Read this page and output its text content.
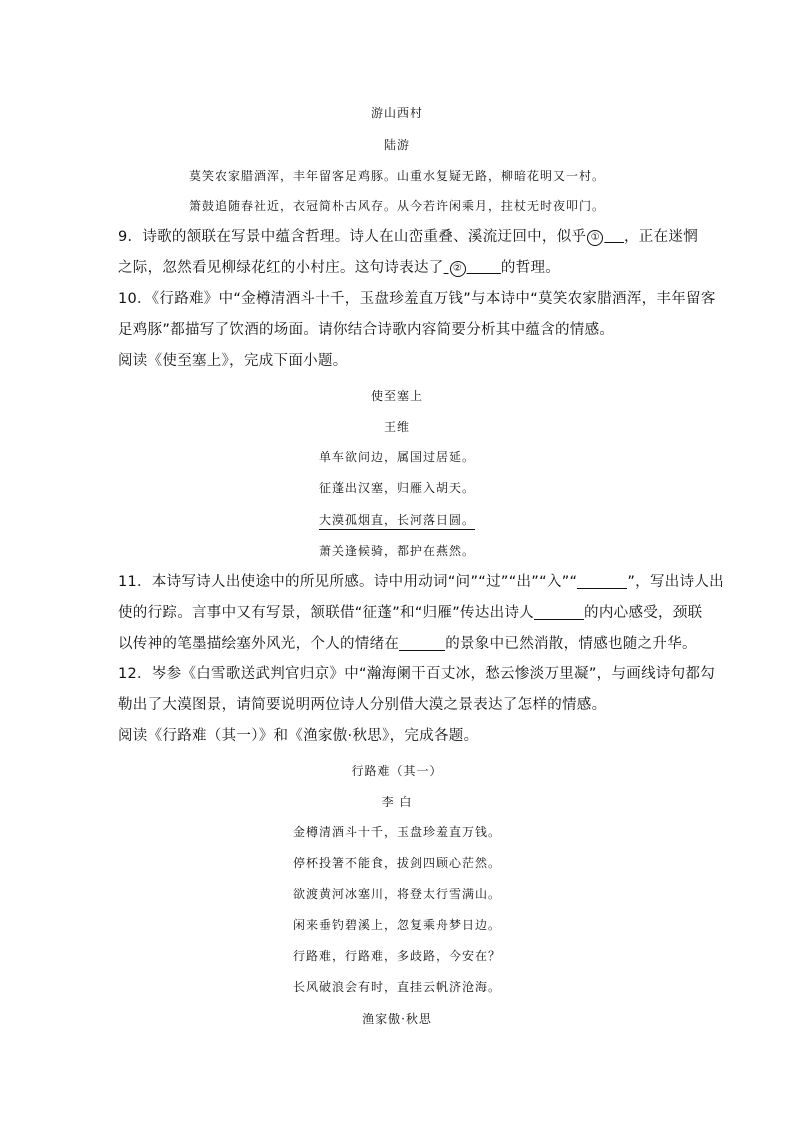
游山西村
陆游
莫笑农家腊酒浑，丰年留客足鸡豚。山重水复疑无路，柳暗花明又一村。
箫鼓追随春社近，衣冠简朴古风存。从今若许闲乘月，拄杖无时夜叩门。
9．诗歌的颔联在写景中蕴含哲理。诗人在山峦重叠、溪流迂回中，似乎 ① ，正在迷惘
之际，忽然看见柳绿花红的小村庄。这句诗表达了 ②	的哲理。
10．《行路难》中“金樽清酒斗十千，玉盘珍羞直万钱”与本诗中“莫笑农家腊酒浑，丰年留客
足鸡豚”都描写了饮酒的场面。请你结合诗歌内容简要分析其中蕴含的情感。
阅读《使至塞上》，完成下面小题。
使至塞上
王维
单车欲问边，属国过居延。
征蓬出汉塞，归雁入胡天。
大漠孤烟直，长河落日圆。
萧关逢候骑，都护在燕然。
11．本诗写诗人出使途中的所见所感。诗中用动词“问”“过”“出”“入”“	”，写出诗人出
使的行踪。言事中又有写景，颔联借“征蓬”和“归雁”传达出诗人	的内心感受，颈联
以传神的笔墨描绘塞外风光，个人的情绪在	的景象中已然消散，情感也随之升华。
12．岑参《白雪歌送武判官归京》中“瀚海阑干百丈冰，愁云惨淡万里凝”，与画线诗句都勾
勒出了大漠图景，请简要说明两位诗人分别借大漠之景表达了怎样的情感。
阅读《行路难（其一）》和《渔家傲·秋思》，完成各题。
行路难（其一）
李 白
金樽清酒斗十千，玉盘珍羞直万钱。
停杯投箸不能食，拔剑四顾心茫然。
欲渡黄河冰塞川，将登太行雪满山。
闲来垂钓碧溪上，忽复乘舟梦日边。
行路难，行路难，多歧路，今安在？
长风破浪会有时，直挂云帆济沧海。
渔家傲·秋思
